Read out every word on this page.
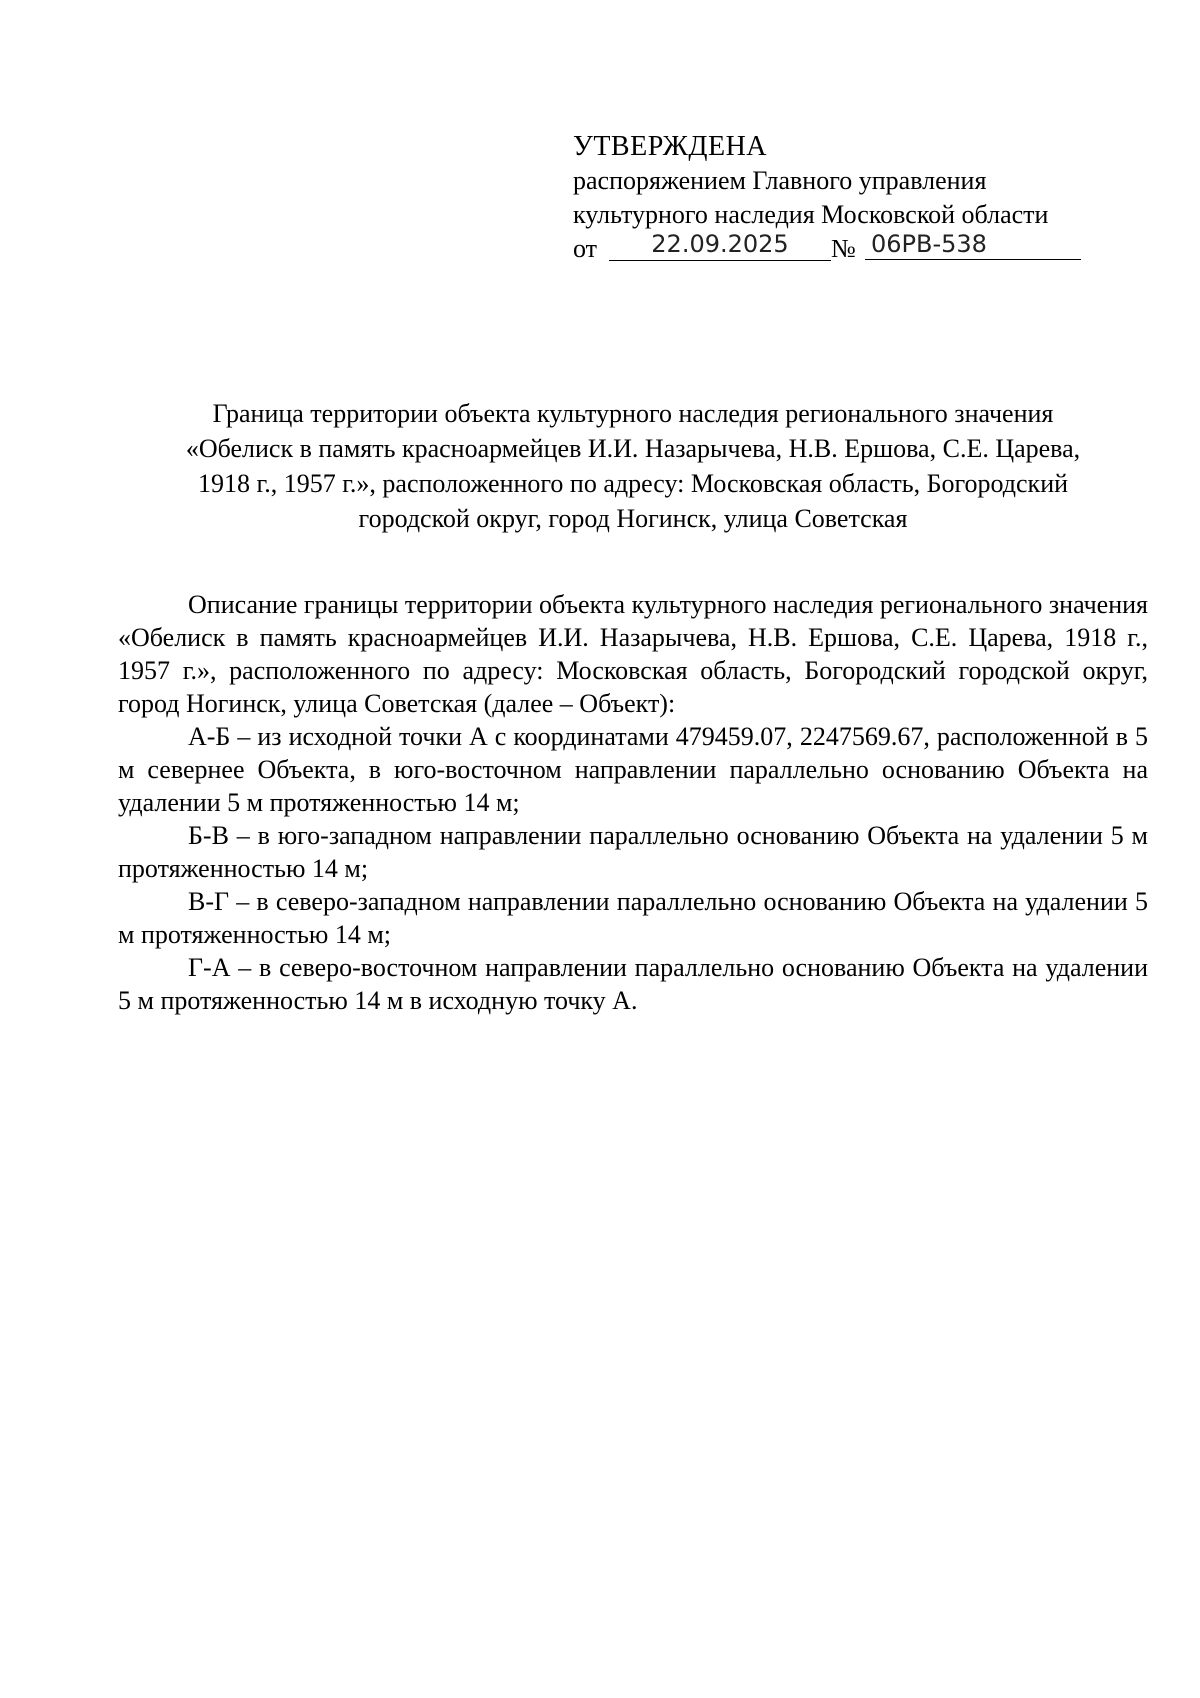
УТВЕРЖДЕНА
распоряжением Главного управления
культурного наследия Московской области
от	22.09.2025	№ 06РВ-538
Граница территории объекта культурного наследия регионального значения
«Обелиск в память красноармейцев И.И. Назарычева, Н.В. Ершова, С.Е. Царева,
1918 г., 1957 г.», расположенного по адресу: Московская область, Богородский
городской округ, город Ногинск, улица Советская

Описание границы территории объекта культурного наследия регионального значения «Обелиск в память красноармейцев И.И. Назарычева, Н.В. Ершова, С.Е. Царева, 1918 г., 1957 г.», расположенного по адресу: Московская область, Богородский городской округ, город Ногинск, улица Советская (далее – Объект):

А-Б – из исходной точки А с координатами 479459.07, 2247569.67, расположенной в 5 м севернее Объекта, в юго-восточном направлении параллельно основанию Объекта на удалении 5 м протяженностью 14 м;

Б-В – в юго-западном направлении параллельно основанию Объекта на удалении 5 м протяженностью 14 м;

В-Г – в северо-западном направлении параллельно основанию Объекта на удалении 5 м протяженностью 14 м;

Г-А – в северо-восточном направлении параллельно основанию Объекта на удалении 5 м протяженностью 14 м в исходную точку А.
